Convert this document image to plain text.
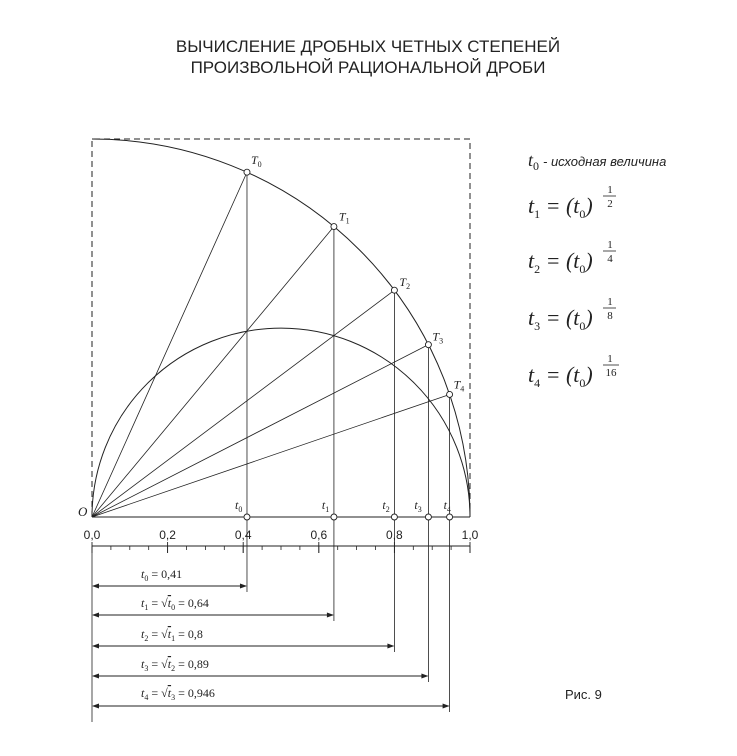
ВЫЧИСЛЕНИЕ ДРОБНЫХ ЧЕТНЫХ СТЕПЕНЕЙ
ПРОИЗВОЛЬНОЙ РАЦИОНАЛЬНОЙ ДРОБИ
$T_0$
$T_1$
$T_2$
$T_3$
$T_4$
$t_0$	$t_1$	$t_2$ $t_3$ $t_4$
$t_0 = 0,41$
$t_1 = √t_0 = 0,64$
$t_2 = √t_1 = 0,8$
$t_3 = √t_2 = 0,89$
$t_4 = √t_3 = 0,946$
O
0,0	0,2	0,4	0,6	0,8	1,0
$t_0$ $^{- исходная величина}$
$t_1 = (t_0)$
1
2
$t_2 = (t_0)$
1
4
$t_3 = (t_0)$
1
8
$t_4 = (t_0)$
1
16
Рис. 9
